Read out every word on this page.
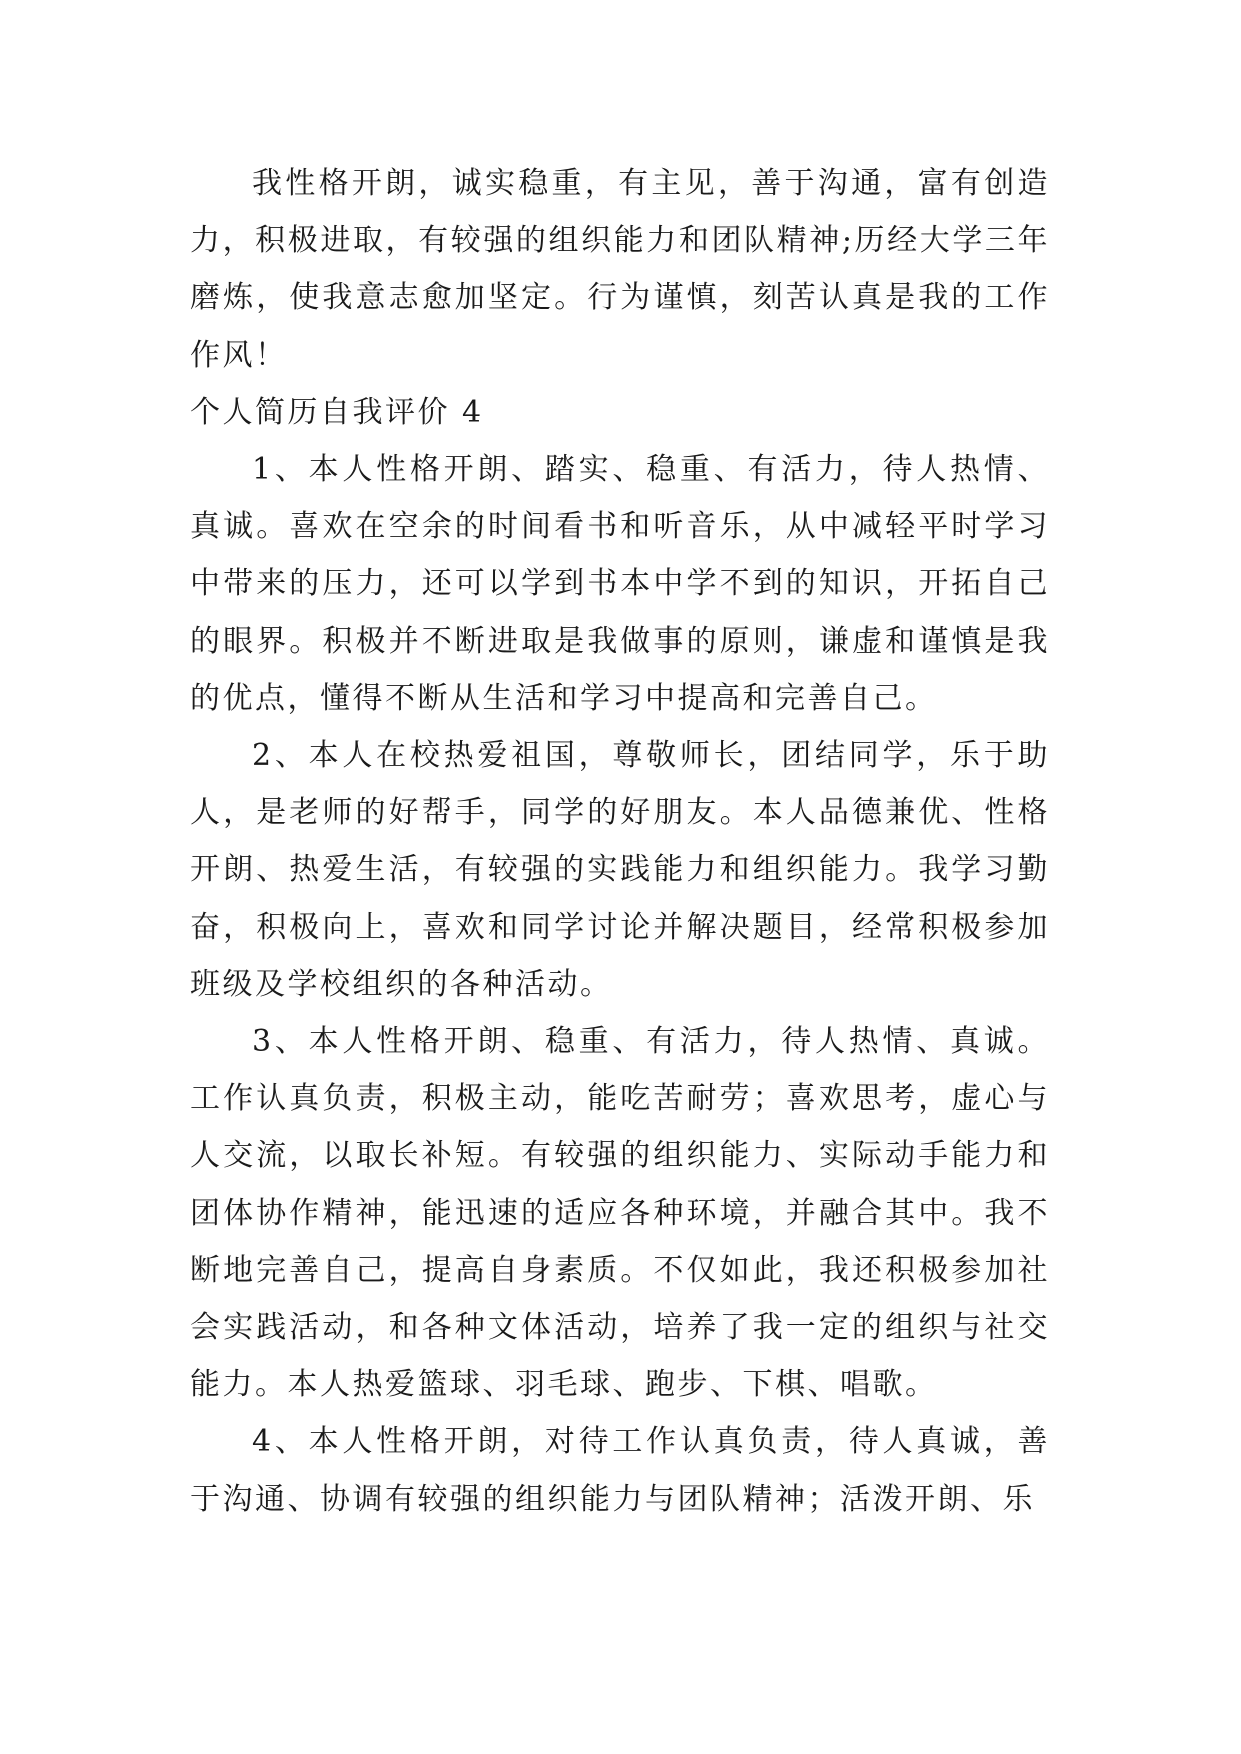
我性格开朗，诚实稳重，有主见，善于沟通，富有创造力，积极进取，有较强的组织能力和团队精神;历经大学三年磨炼，使我意志愈加坚定。行为谨慎，刻苦认真是我的工作作风！

个人简历自我评价 4

1、本人性格开朗、踏实、稳重、有活力，待人热情、真诚。喜欢在空余的时间看书和听音乐，从中减轻平时学习中带来的压力，还可以学到书本中学不到的知识，开拓自己的眼界。积极并不断进取是我做事的原则，谦虚和谨慎是我的优点，懂得不断从生活和学习中提高和完善自己。

2、本人在校热爱祖国，尊敬师长，团结同学，乐于助人，是老师的好帮手，同学的好朋友。本人品德兼优、性格开朗、热爱生活，有较强的实践能力和组织能力。我学习勤奋，积极向上，喜欢和同学讨论并解决题目，经常积极参加班级及学校组织的各种活动。

3、本人性格开朗、稳重、有活力，待人热情、真诚。工作认真负责，积极主动，能吃苦耐劳；喜欢思考，虚心与人交流，以取长补短。有较强的组织能力、实际动手能力和团体协作精神，能迅速的适应各种环境，并融合其中。我不断地完善自己，提高自身素质。不仅如此，我还积极参加社会实践活动，和各种文体活动，培养了我一定的组织与社交能力。本人热爱篮球、羽毛球、跑步、下棋、唱歌。

4、本人性格开朗，对待工作认真负责，待人真诚，善于沟通、协调有较强的组织能力与团队精神；活泼开朗、乐
